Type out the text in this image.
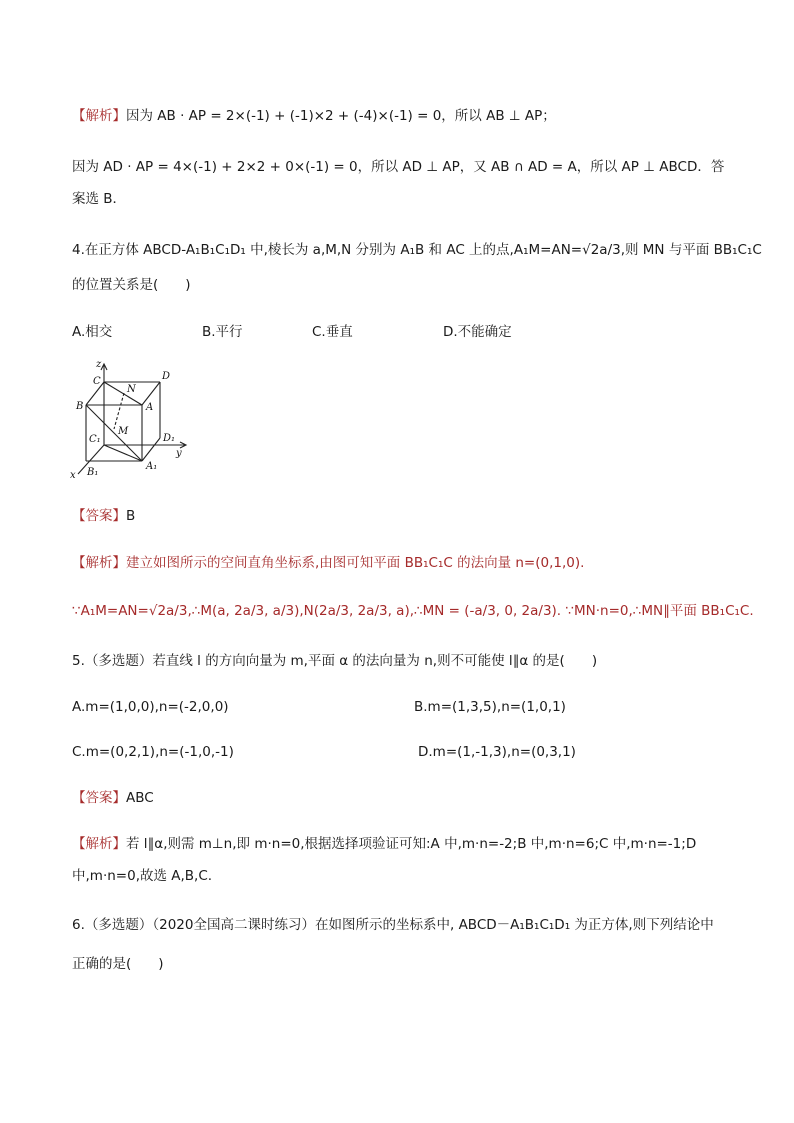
【解析】因为 AB · AP = 2×(-1) + (-1)×2 + (-4)×(-1) = 0，所以 AB ⊥ AP；
因为 AD · AP = 4×(-1) + 2×2 + 0×(-1) = 0，所以 AD ⊥ AP，又 AB ∩ AD = A，所以 AP ⊥ ABCD．答
案选 B．
4.在正方体 ABCD-A₁B₁C₁D₁ 中,棱长为 a,M,N 分别为 A₁B 和 AC 上的点,A₁M=AN=√2a/3,则 MN 与平面 BB₁C₁C
的位置关系是(　　)
A.相交	B.平行	C.垂直	D.不能确定
z
C	D
N
B	A
M
C₁	D₁
y
x B₁
A₁
【答案】B
【解析】建立如图所示的空间直角坐标系,由图可知平面 BB₁C₁C 的法向量 n=(0,1,0).
∵A₁M=AN=√2a/3,∴M(a, 2a/3, a/3),N(2a/3, 2a/3, a),∴MN = (-a/3, 0, 2a/3). ∵MN·n=0,∴MN∥平面 BB₁C₁C.
5.（多选题）若直线 l 的方向向量为 m,平面 α 的法向量为 n,则不可能使 l∥α 的是(　　)
A.m=(1,0,0),n=(-2,0,0)	B.m=(1,3,5),n=(1,0,1)
C.m=(0,2,1),n=(-1,0,-1)	D.m=(1,-1,3),n=(0,3,1)
【答案】ABC
【解析】若 l∥α,则需 m⊥n,即 m·n=0,根据选择项验证可知:A 中,m·n=-2;B 中,m·n=6;C 中,m·n=-1;D
中,m·n=0,故选 A,B,C.
6.（多选题）（2020全国高二课时练习）在如图所示的坐标系中, ABCD－A₁B₁C₁D₁ 为正方体,则下列结论中
正确的是(　　)
